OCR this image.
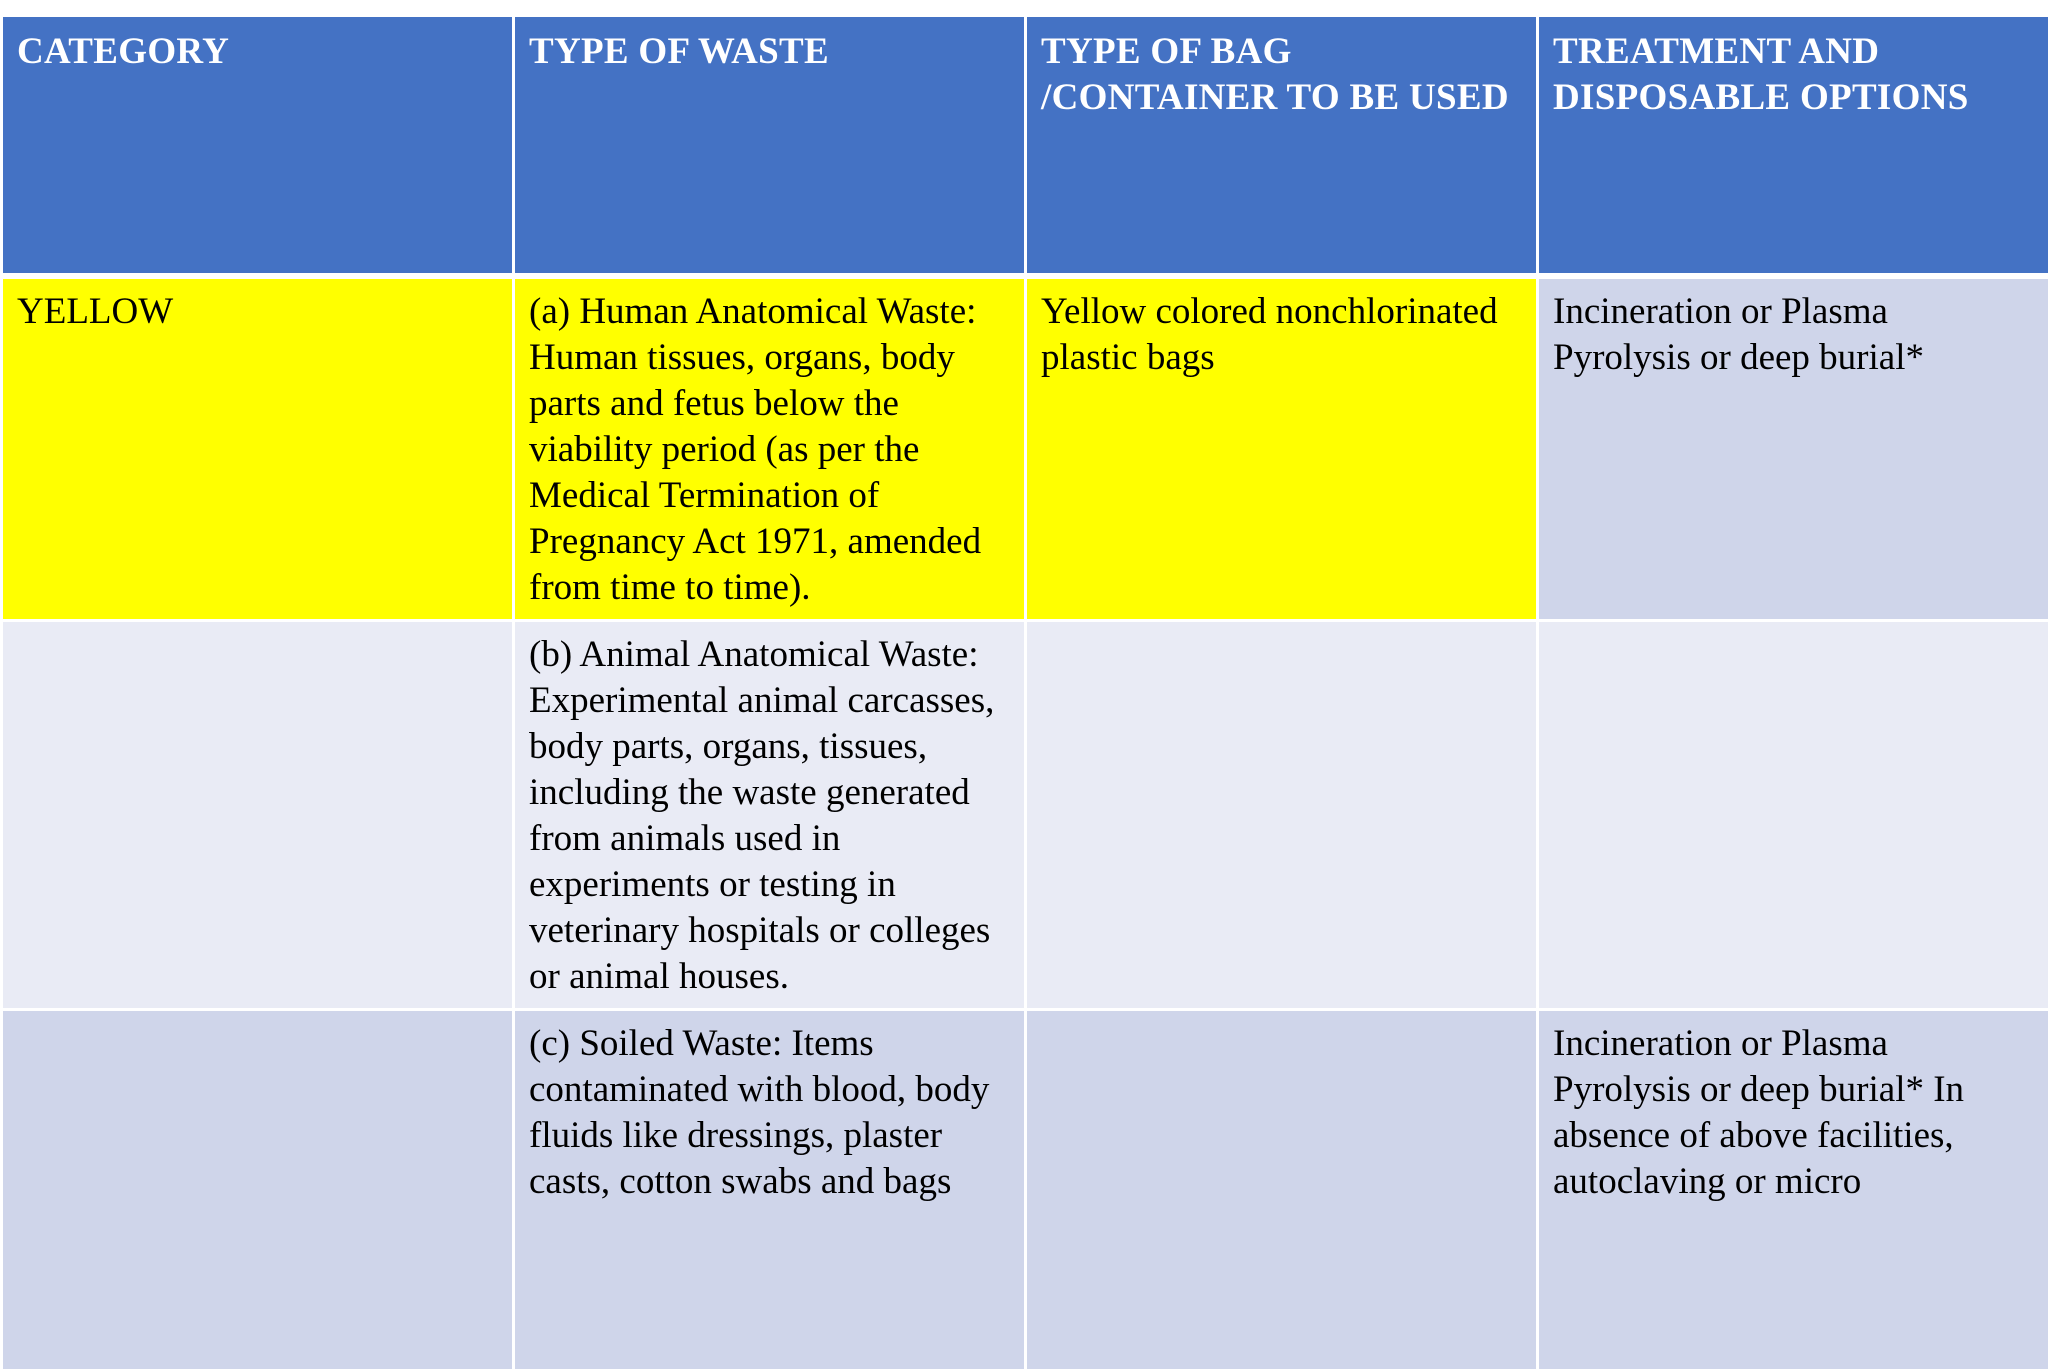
CATEGORY	TYPE OF WASTE	TYPE OF BAG /CONTAINER TO BE USED	TREATMENT AND DISPOSABLE OPTIONS

YELLOW	(a) Human Anatomical Waste: Human tissues, organs, body parts and fetus below the viability period (as per the Medical Termination of Pregnancy Act 1971, amended from time to time).	Yellow colored nonchlorinated plastic bags	Incineration or Plasma Pyrolysis or deep burial*

	(b) Animal Anatomical Waste: Experimental animal carcasses, body parts, organs, tissues, including the waste generated from animals used in experiments or testing in veterinary hospitals or colleges or animal houses.		

	(c) Soiled Waste: Items contaminated with blood, body fluids like dressings, plaster casts, cotton swabs and bags		Incineration or Plasma Pyrolysis or deep burial* In absence of above facilities, autoclaving or micro
